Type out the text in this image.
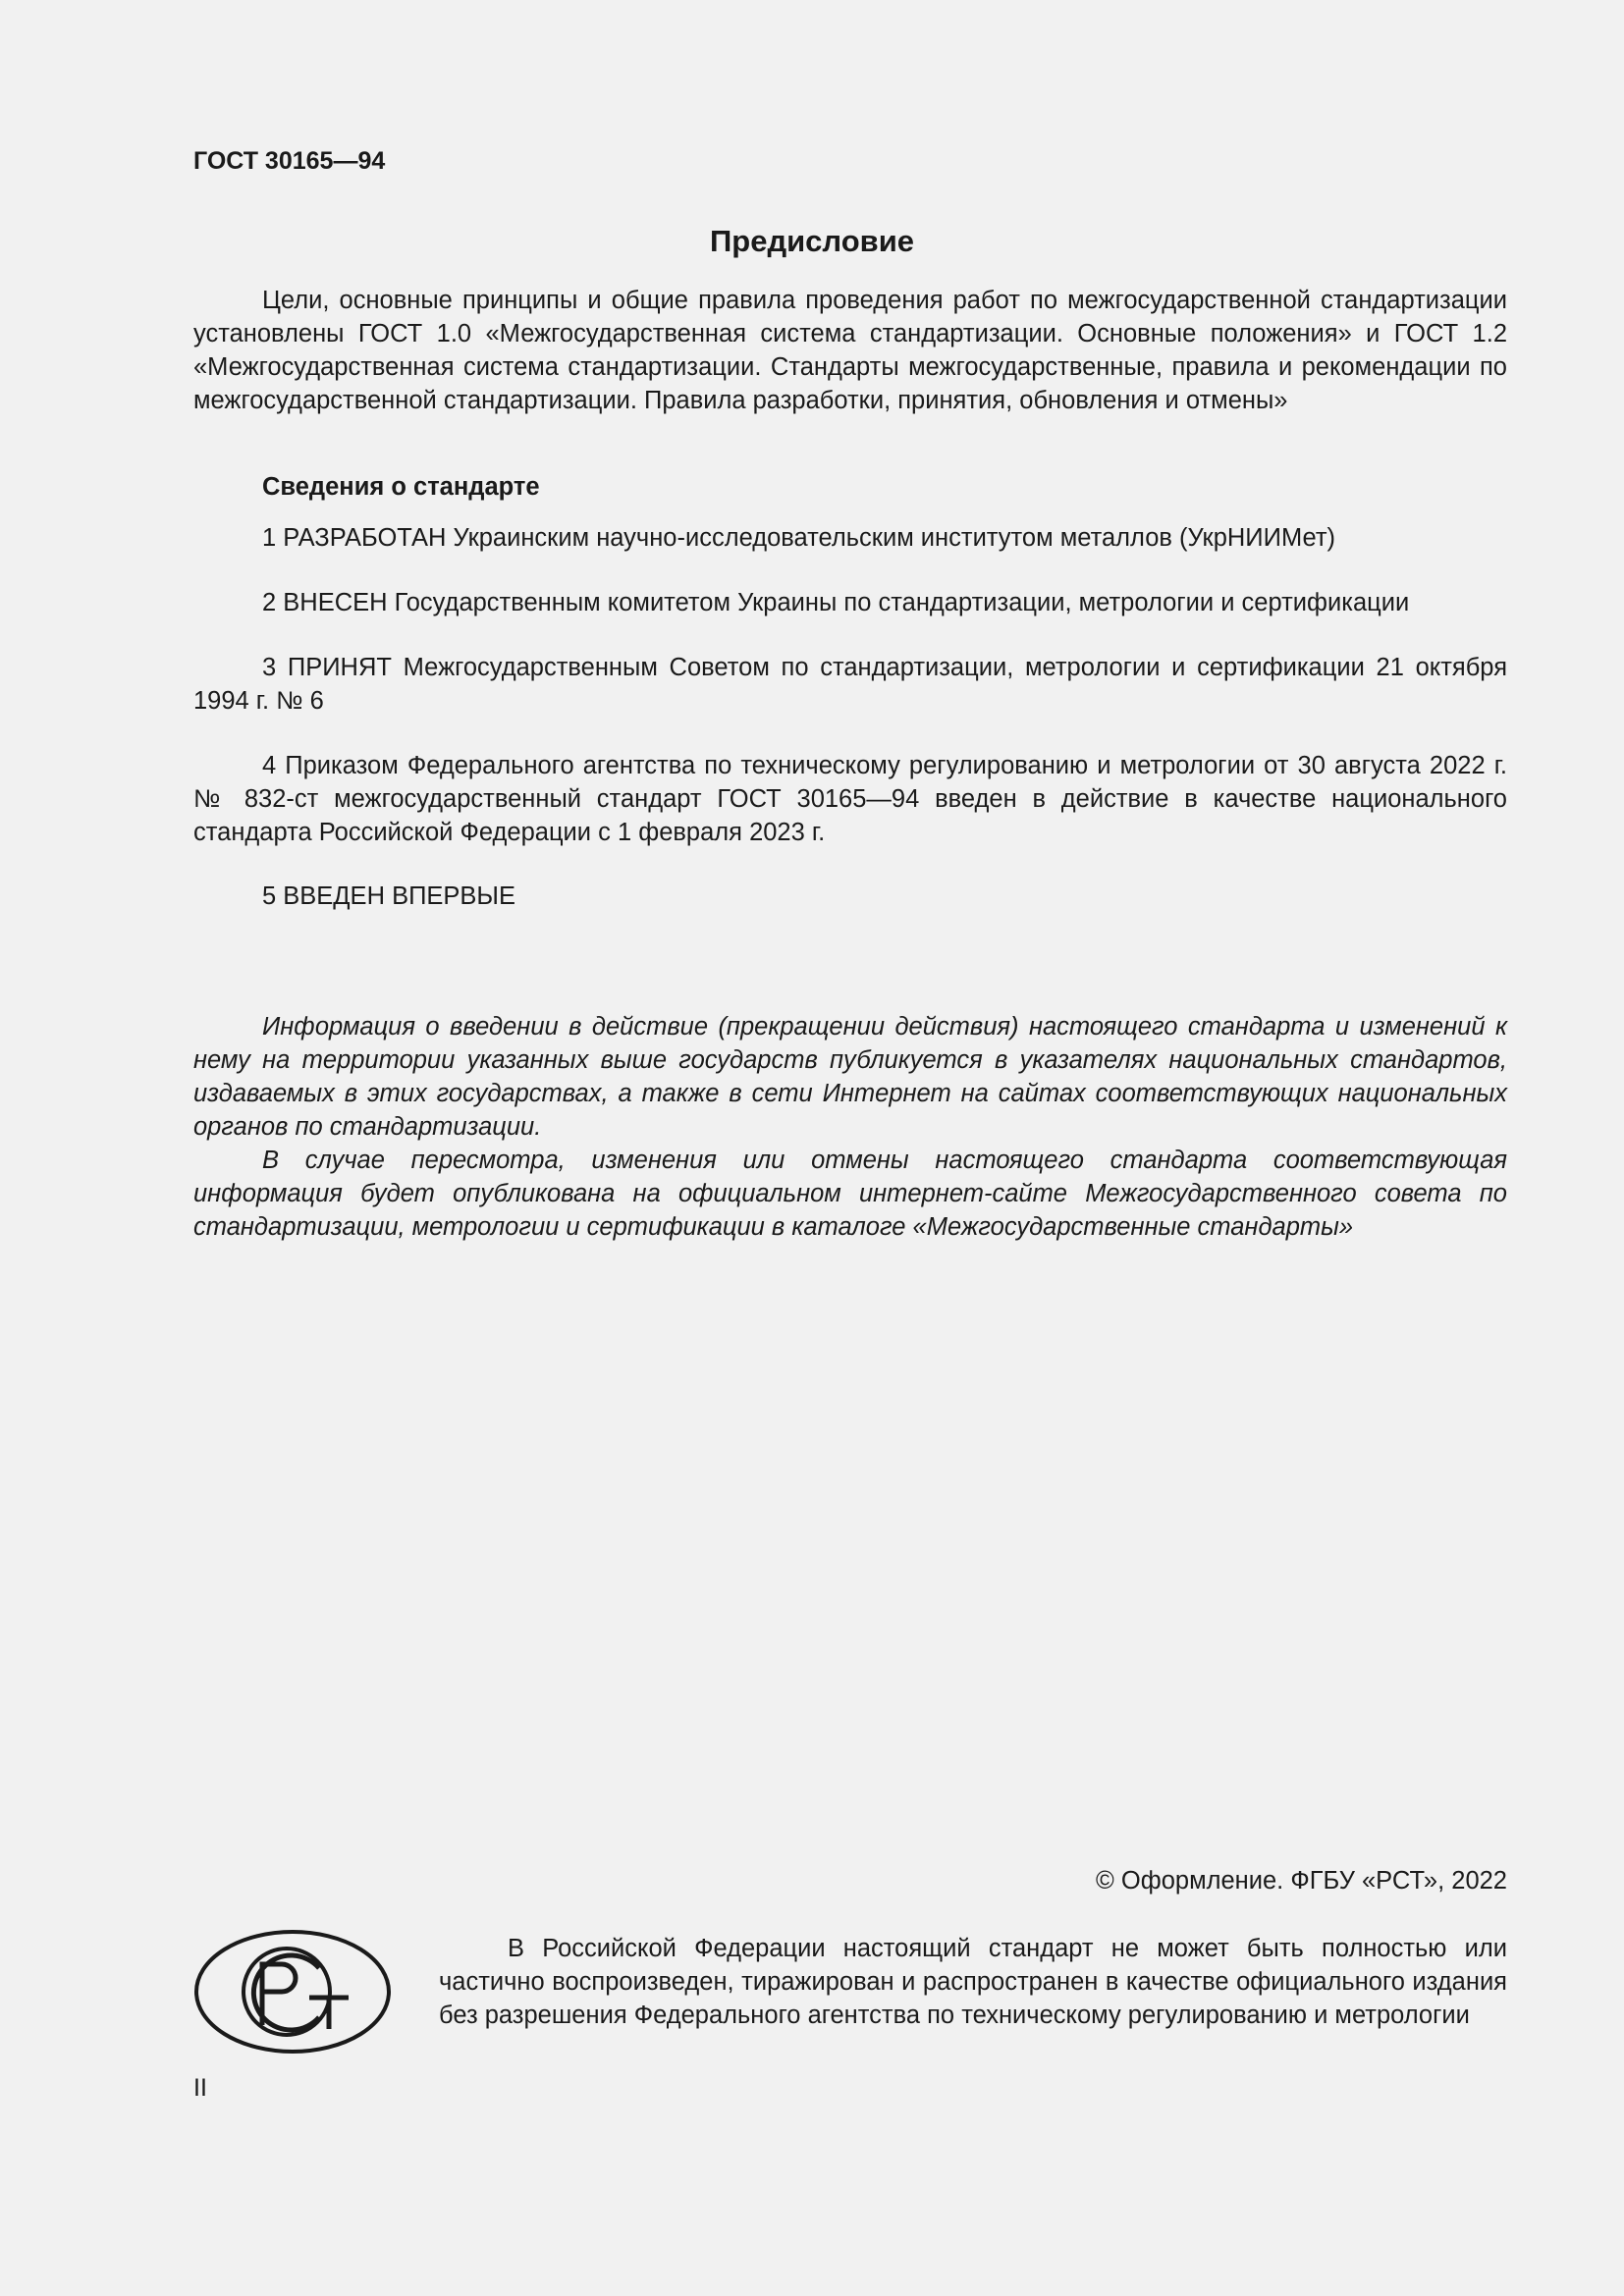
ГОСТ 30165—94

Предисловие

Цели, основные принципы и общие правила проведения работ по межгосударственной стандартизации установлены ГОСТ 1.0 «Межгосударственная система стандартизации. Основные положения» и ГОСТ 1.2 «Межгосударственная система стандартизации. Стандарты межгосударственные, правила и рекомендации по межгосударственной стандартизации. Правила разработки, принятия, обновления и отмены»

Сведения о стандарте

1 РАЗРАБОТАН Украинским научно-исследовательским институтом металлов (УкрНИИМет)

2 ВНЕСЕН Государственным комитетом Украины по стандартизации, метрологии и сертификации

3 ПРИНЯТ Межгосударственным Советом по стандартизации, метрологии и сертификации 21 октября 1994 г. № 6

4 Приказом Федерального агентства по техническому регулированию и метрологии от 30 августа 2022 г. № 832-ст межгосударственный стандарт ГОСТ 30165—94 введен в действие в качестве национального стандарта Российской Федерации с 1 февраля 2023 г.

5 ВВЕДЕН ВПЕРВЫЕ

Информация о введении в действие (прекращении действия) настоящего стандарта и изменений к нему на территории указанных выше государств публикуется в указателях национальных стандартов, издаваемых в этих государствах, а также в сети Интернет на сайтах соответствующих национальных органов по стандартизации.

В случае пересмотра, изменения или отмены настоящего стандарта соответствующая информация будет опубликована на официальном интернет-сайте Межгосударственного совета по стандартизации, метрологии и сертификации в каталоге «Межгосударственные стандарты»

© Оформление. ФГБУ «РСТ», 2022

В Российской Федерации настоящий стандарт не может быть полностью или частично воспроизведен, тиражирован и распространен в качестве официального издания без разрешения Федерального агентства по техническому регулированию и метрологии

II
